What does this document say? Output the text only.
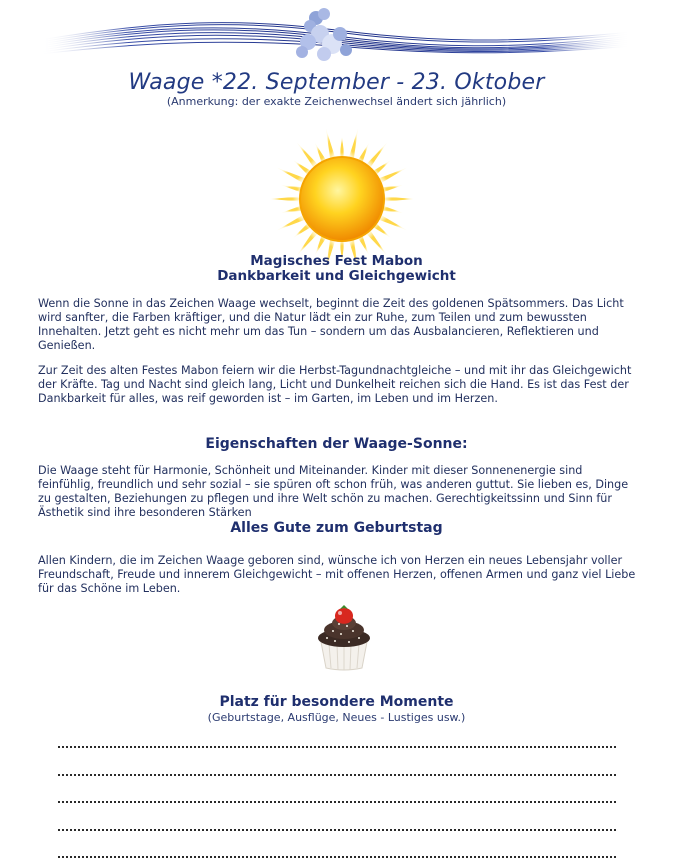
Waage *22. September - 23. Oktober
(Anmerkung: der exakte Zeichenwechsel ändert sich jährlich)
Magisches Fest Mabon
Dankbarkeit und Gleichgewicht

Wenn die Sonne in das Zeichen Waage wechselt, beginnt die Zeit des goldenen Spätsommers. Das Licht wird sanfter, die Farben kräftiger, und die Natur lädt ein zur Ruhe, zum Teilen und zum bewussten Innehalten. Jetzt geht es nicht mehr um das Tun – sondern um das Ausbalancieren, Reflektieren und Genießen.

Zur Zeit des alten Festes Mabon feiern wir die Herbst-Tagundnachtgleiche – und mit ihr das Gleichgewicht der Kräfte. Tag und Nacht sind gleich lang, Licht und Dunkelheit reichen sich die Hand. Es ist das Fest der Dankbarkeit für alles, was reif geworden ist – im Garten, im Leben und im Herzen.

Eigenschaften der Waage-Sonne:

Die Waage steht für Harmonie, Schönheit und Miteinander. Kinder mit dieser Sonnenenergie sind feinfühlig, freundlich und sehr sozial – sie spüren oft schon früh, was anderen guttut. Sie lieben es, Dinge zu gestalten, Beziehungen zu pflegen und ihre Welt schön zu machen. Gerechtigkeitssinn und Sinn für Ästhetik sind ihre besonderen Stärken

Alles Gute zum Geburtstag

Allen Kindern, die im Zeichen Waage geboren sind, wünsche ich von Herzen ein neues Lebensjahr voller Freundschaft, Freude und innerem Gleichgewicht – mit offenen Herzen, offenen Armen und ganz viel Liebe für das Schöne im Leben.

Platz für besondere Momente
(Geburtstage, Ausflüge, Neues - Lustiges usw.)
